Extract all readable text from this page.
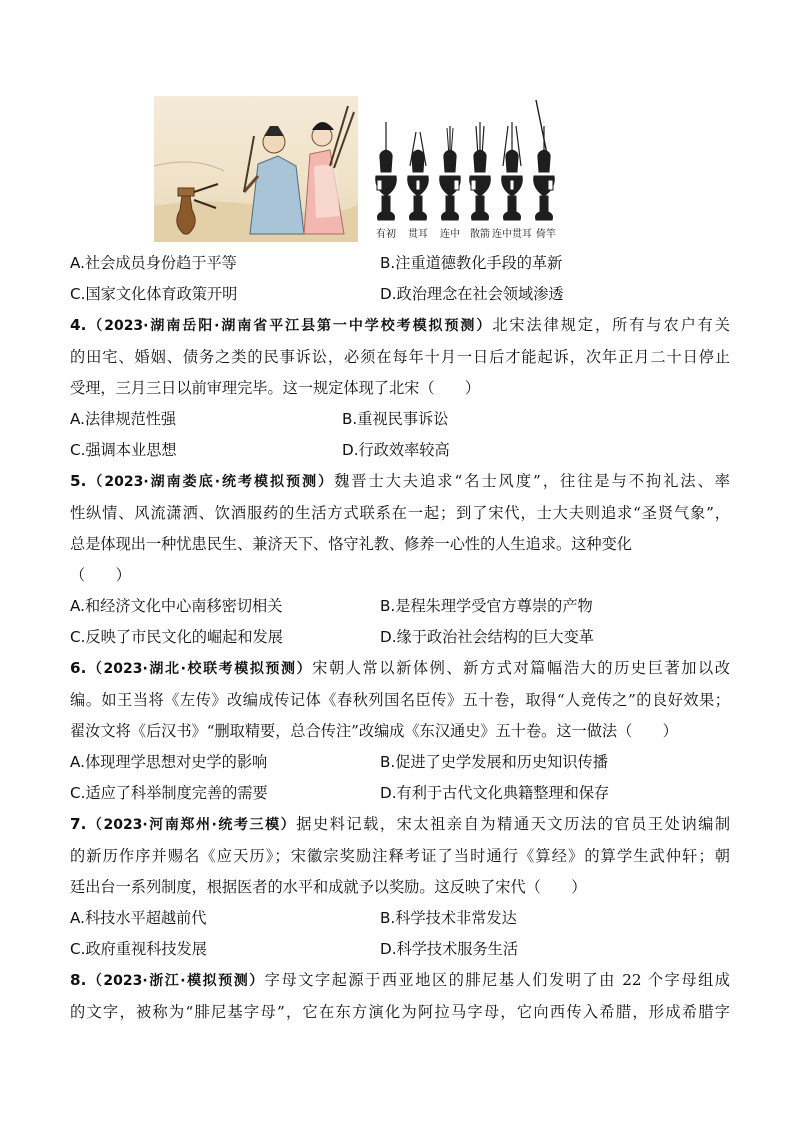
有初 贯耳 连中 散箭 连中贯耳 倚竿
A.社会成员身份趋于平等	B.注重道德教化手段的革新
C.国家文化体育政策开明	D.政治理念在社会领域渗透
4.（2023·湖南岳阳·湖南省平江县第一中学校考模拟预测）北宋法律规定，所有与农户有关
的田宅、婚姻、债务之类的民事诉讼，必须在每年十月一日后才能起诉，次年正月二十日停止
受理，三月三日以前审理完毕。这一规定体现了北宋（　　）
A.法律规范性强	B.重视民事诉讼
C.强调本业思想	D.行政效率较高
5.（2023·湖南娄底·统考模拟预测）魏晋士大夫追求“名士风度”，往往是与不拘礼法、率
性纵情、风流潇洒、饮酒服药的生活方式联系在一起；到了宋代，士大夫则追求“圣贤气象”，
总是体现出一种忧患民生、兼济天下、恪守礼教、修养一心性的人生追求。这种变化
（　　）
A.和经济文化中心南移密切相关	B.是程朱理学受官方尊崇的产物
C.反映了市民文化的崛起和发展	D.缘于政治社会结构的巨大变革
6.（2023·湖北·校联考模拟预测）宋朝人常以新体例、新方式对篇幅浩大的历史巨著加以改
编。如王当将《左传》改编成传记体《春秋列国名臣传》五十卷，取得“人竞传之”的良好效果；
翟汝文将《后汉书》“删取精要，总合传注”改编成《东汉通史》五十卷。这一做法（　　）
A.体现理学思想对史学的影响	B.促进了史学发展和历史知识传播
C.适应了科举制度完善的需要	D.有利于古代文化典籍整理和保存
7.（2023·河南郑州·统考三模）据史料记载，宋太祖亲自为精通天文历法的官员王处讷编制
的新历作序并赐名《应天历》；宋徽宗奖励注释考证了当时通行《算经》的算学生武仲轩；朝
廷出台一系列制度，根据医者的水平和成就予以奖励。这反映了宋代（　　）
A.科技水平超越前代	B.科学技术非常发达
C.政府重视科技发展	D.科学技术服务生活
8.（2023·浙江·模拟预测）字母文字起源于西亚地区的腓尼基人们发明了由 22 个字母组成
的文字，被称为“腓尼基字母”，它在东方演化为阿拉马字母，它向西传入希腊，形成希腊字
